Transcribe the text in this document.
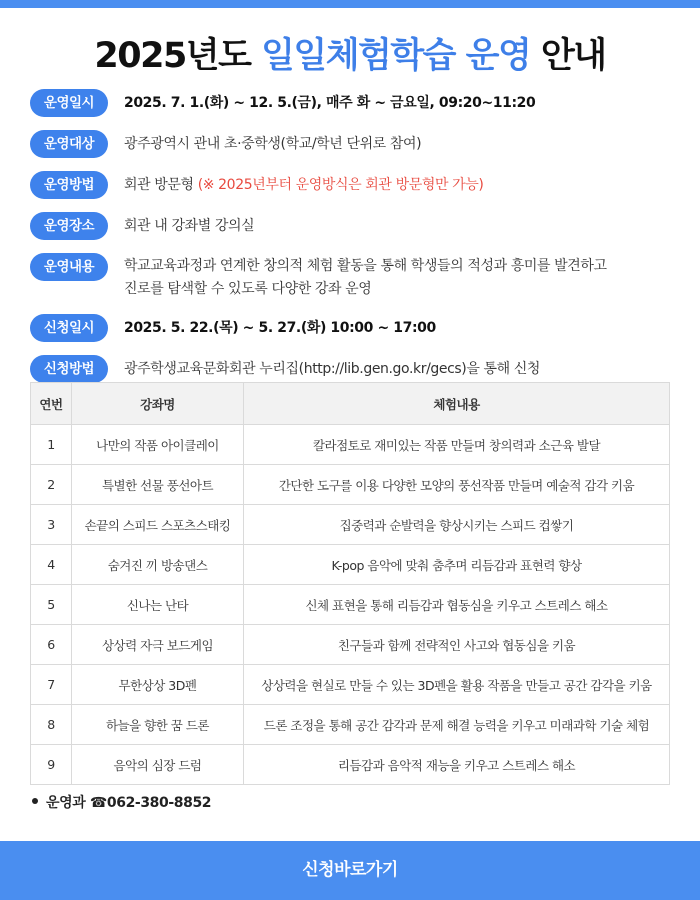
2025년도 일일체험학습 운영 안내
운영일시	2025. 7. 1.(화) ~ 12. 5.(금), 매주 화 ~ 금요일, 09:20~11:20
운영대상	광주광역시 관내 초·중학생(학교/학년 단위로 참여)
운영방법	회관 방문형 (※ 2025년부터 운영방식은 회관 방문형만 가능)
운영장소	회관 내 강좌별 강의실
운영내용	학교교육과정과 연계한 창의적 체험 활동을 통해 학생들의 적성과 흥미를 발견하고
진로를 탐색할 수 있도록 다양한 강좌 운영
신청일시	2025. 5. 22.(목) ~ 5. 27.(화) 10:00 ~ 17:00
신청방법	광주학생교육문화회관 누리집(http://lib.gen.go.kr/gecs)을 통해 신청
연번	강좌명	체험내용
1	나만의 작품 아이클레이	칼라점토로 재미있는 작품 만들며 창의력과 소근육 발달
2	특별한 선물 풍선아트	간단한 도구를 이용 다양한 모양의 풍선작품 만들며 예술적 감각 키움
3	손끝의 스피드 스포츠스태킹	집중력과 순발력을 향상시키는 스피드 컵쌓기
4	숨겨진 끼 방송댄스	K-pop 음악에 맞춰 춤추며 리듬감과 표현력 향상
5	신나는 난타	신체 표현을 통해 리듬감과 협동심을 키우고 스트레스 해소
6	상상력 자극 보드게임	친구들과 함께 전략적인 사고와 협동심을 키움
7	무한상상 3D펜	상상력을 현실로 만들 수 있는 3D펜을 활용 작품을 만들고 공간 감각을 키움
8	하늘을 향한 꿈 드론	드론 조정을 통해 공간 감각과 문제 해결 능력을 키우고 미래과학 기술 체험
9	음악의 심장 드럼	리듬감과 음악적 재능을 키우고 스트레스 해소
운영과 ☎062-380-8852
신청바로가기
